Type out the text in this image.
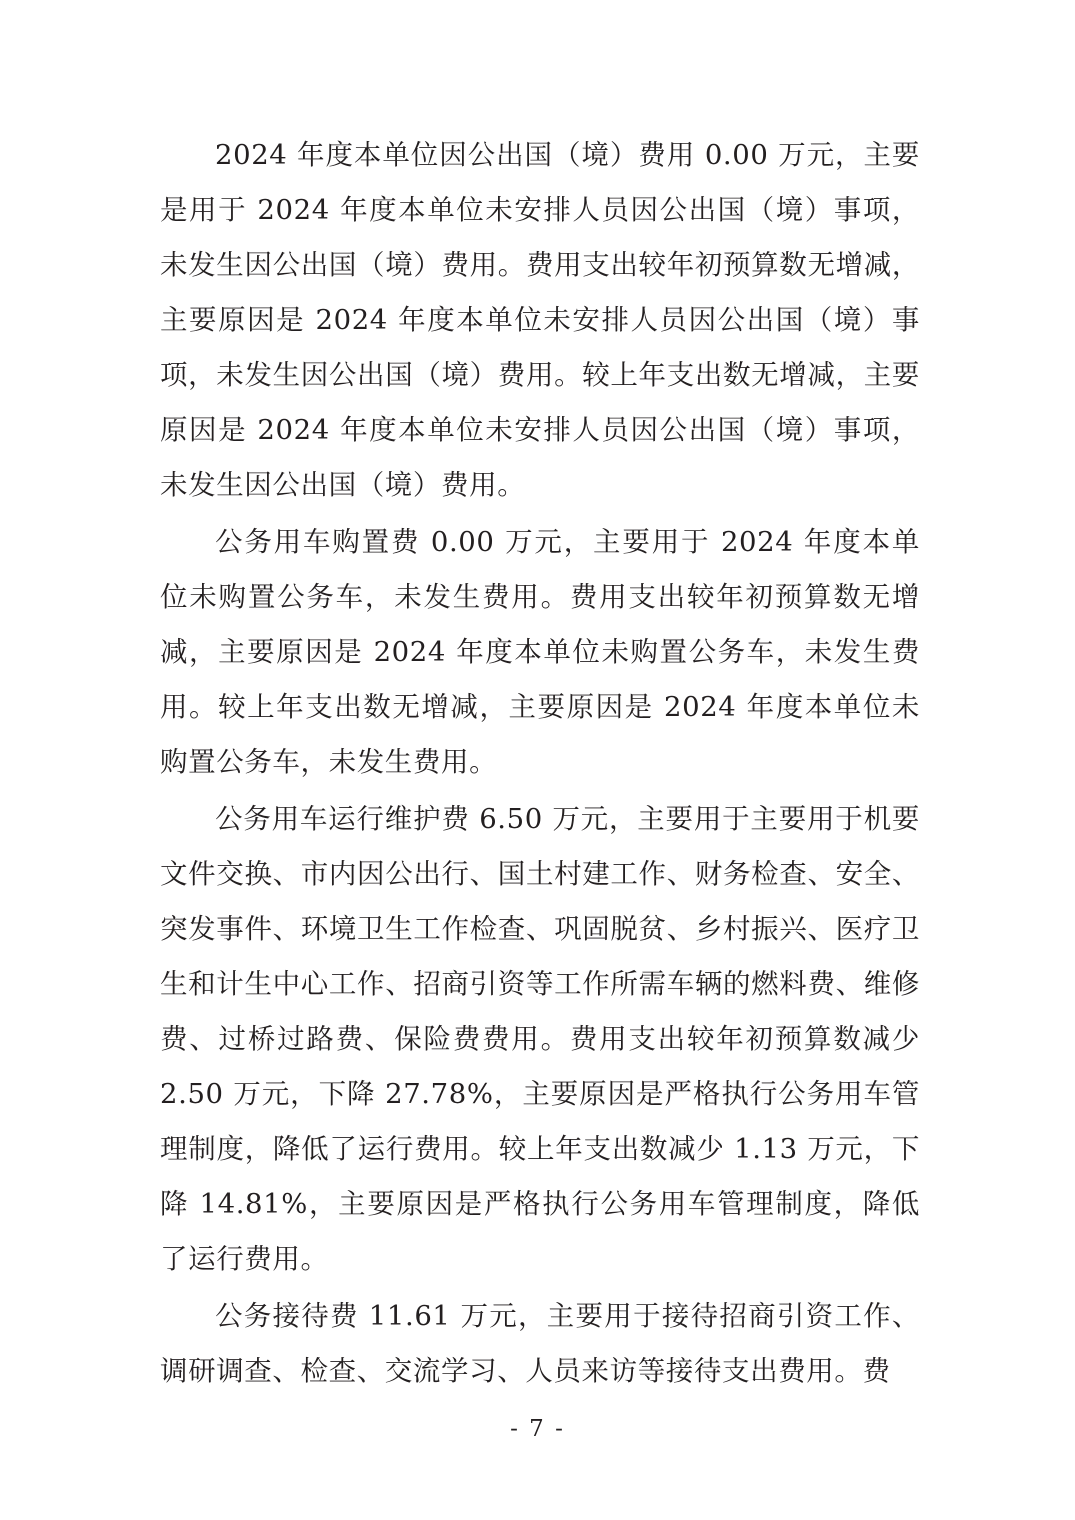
2024 年度本单位因公出国（境）费用 0.00 万元，主要是用于 2024 年度本单位未安排人员因公出国（境）事项，未发生因公出国（境）费用。费用支出较年初预算数无增减，主要原因是 2024 年度本单位未安排人员因公出国（境）事项，未发生因公出国（境）费用。较上年支出数无增减，主要原因是 2024 年度本单位未安排人员因公出国（境）事项，未发生因公出国（境）费用。

公务用车购置费 0.00 万元，主要用于 2024 年度本单位未购置公务车，未发生费用。费用支出较年初预算数无增减，主要原因是 2024 年度本单位未购置公务车，未发生费用。较上年支出数无增减，主要原因是 2024 年度本单位未购置公务车，未发生费用。

公务用车运行维护费 6.50 万元，主要用于主要用于机要文件交换、市内因公出行、国土村建工作、财务检查、安全、突发事件、环境卫生工作检查、巩固脱贫、乡村振兴、医疗卫生和计生中心工作、招商引资等工作所需车辆的燃料费、维修费、过桥过路费、保险费费用。费用支出较年初预算数减少 2.50 万元，下降 27.78%，主要原因是严格执行公务用车管理制度，降低了运行费用。较上年支出数减少 1.13 万元，下降 14.81%，主要原因是严格执行公务用车管理制度，降低了运行费用。

公务接待费 11.61 万元，主要用于接待招商引资工作、调研调查、检查、交流学习、人员来访等接待支出费用。费

- 7 -
